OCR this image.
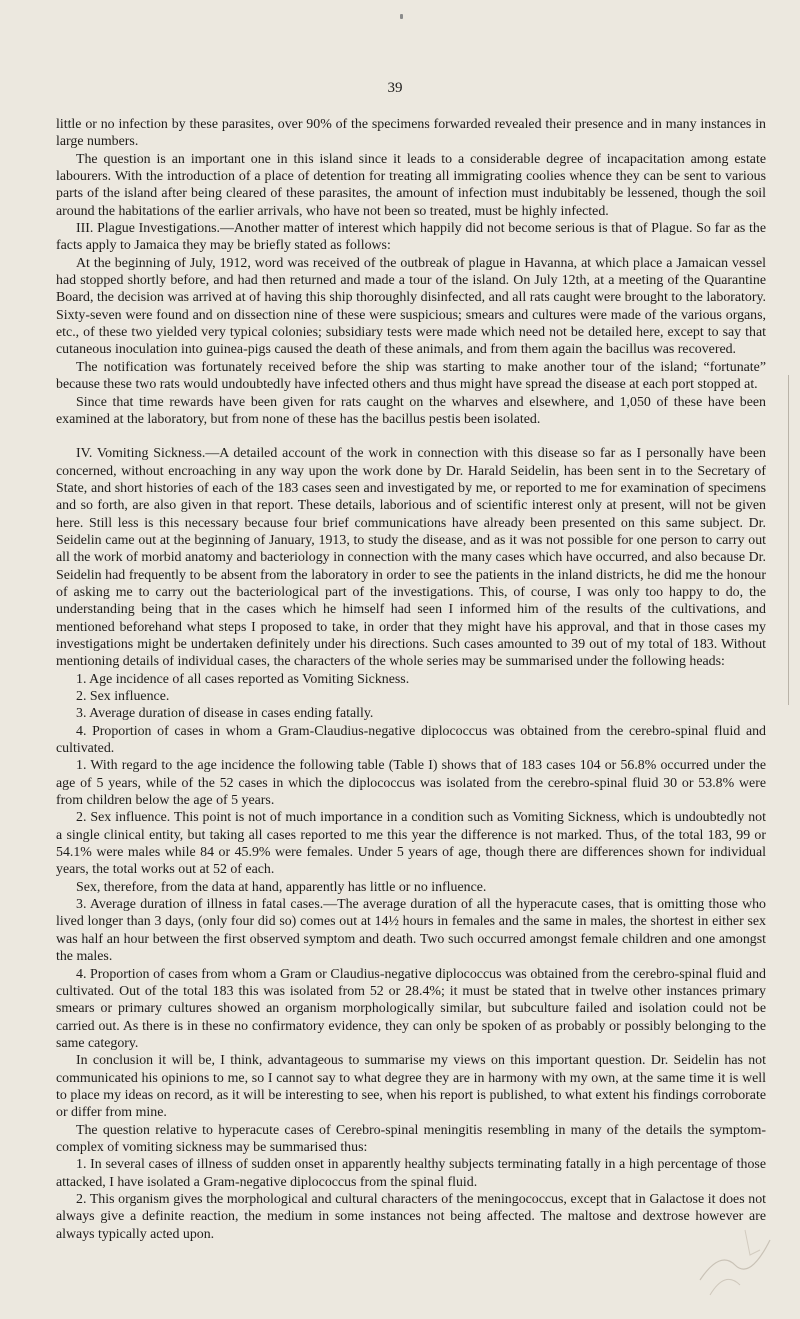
39

little or no infection by these parasites, over 90% of the specimens forwarded revealed their presence and in many instances in large numbers.

The question is an important one in this island since it leads to a considerable degree of incapacitation among estate labourers. With the introduction of a place of detention for treating all immigrating coolies whence they can be sent to various parts of the island after being cleared of these parasites, the amount of infection must indubitably be lessened, though the soil around the habitations of the earlier arrivals, who have not been so treated, must be highly infected.

III. Plague Investigations.—Another matter of interest which happily did not become serious is that of Plague. So far as the facts apply to Jamaica they may be briefly stated as follows:

At the beginning of July, 1912, word was received of the outbreak of plague in Havanna, at which place a Jamaican vessel had stopped shortly before, and had then returned and made a tour of the island. On July 12th, at a meeting of the Quarantine Board, the decision was arrived at of having this ship thoroughly disinfected, and all rats caught were brought to the laboratory. Sixty-seven were found and on dissection nine of these were suspicious; smears and cultures were made of the various organs, etc., of these two yielded very typical colonies; subsidiary tests were made which need not be detailed here, except to say that cutaneous inoculation into guinea-pigs caused the death of these animals, and from them again the bacillus was recovered.

The notification was fortunately received before the ship was starting to make another tour of the island; “fortunate” because these two rats would undoubtedly have infected others and thus might have spread the disease at each port stopped at.

Since that time rewards have been given for rats caught on the wharves and elsewhere, and 1,050 of these have been examined at the laboratory, but from none of these has the bacillus pestis been isolated.

IV. Vomiting Sickness.—A detailed account of the work in connection with this disease so far as I personally have been concerned, without encroaching in any way upon the work done by Dr. Harald Seidelin, has been sent in to the Secretary of State, and short histories of each of the 183 cases seen and investigated by me, or reported to me for examination of specimens and so forth, are also given in that report. These details, laborious and of scientific interest only at present, will not be given here. Still less is this necessary because four brief communications have already been presented on this same subject. Dr. Seidelin came out at the beginning of January, 1913, to study the disease, and as it was not possible for one person to carry out all the work of morbid anatomy and bacteriology in connection with the many cases which have occurred, and also because Dr. Seidelin had frequently to be absent from the laboratory in order to see the patients in the inland districts, he did me the honour of asking me to carry out the bacteriological part of the investigations. This, of course, I was only too happy to do, the understanding being that in the cases which he himself had seen I informed him of the results of the cultivations, and mentioned beforehand what steps I proposed to take, in order that they might have his approval, and that in those cases my investigations might be undertaken definitely under his directions. Such cases amounted to 39 out of my total of 183. Without mentioning details of individual cases, the characters of the whole series may be summarised under the following heads:

1. Age incidence of all cases reported as Vomiting Sickness.

2. Sex influence.

3. Average duration of disease in cases ending fatally.

4. Proportion of cases in whom a Gram-Claudius-negative diplococcus was obtained from the cerebro-spinal fluid and cultivated.

1. With regard to the age incidence the following table (Table I) shows that of 183 cases 104 or 56.8% occurred under the age of 5 years, while of the 52 cases in which the diplococcus was isolated from the cerebro-spinal fluid 30 or 53.8% were from children below the age of 5 years.

2. Sex influence. This point is not of much importance in a condition such as Vomiting Sickness, which is undoubtedly not a single clinical entity, but taking all cases reported to me this year the difference is not marked. Thus, of the total 183, 99 or 54.1% were males while 84 or 45.9% were females. Under 5 years of age, though there are differences shown for individual years, the total works out at 52 of each.

Sex, therefore, from the data at hand, apparently has little or no influence.

3. Average duration of illness in fatal cases.—The average duration of all the hyperacute cases, that is omitting those who lived longer than 3 days, (only four did so) comes out at 14½ hours in females and the same in males, the shortest in either sex was half an hour between the first observed symptom and death. Two such occurred amongst female children and one amongst the males.

4. Proportion of cases from whom a Gram or Claudius-negative diplococcus was obtained from the cerebro-spinal fluid and cultivated. Out of the total 183 this was isolated from 52 or 28.4%; it must be stated that in twelve other instances primary smears or primary cultures showed an organism morphologically similar, but subculture failed and isolation could not be carried out. As there is in these no confirmatory evidence, they can only be spoken of as probably or possibly belonging to the same category.

In conclusion it will be, I think, advantageous to summarise my views on this important question. Dr. Seidelin has not communicated his opinions to me, so I cannot say to what degree they are in harmony with my own, at the same time it is well to place my ideas on record, as it will be interesting to see, when his report is published, to what extent his findings corroborate or differ from mine.

The question relative to hyperacute cases of Cerebro-spinal meningitis resembling in many of the details the symptom-complex of vomiting sickness may be summarised thus:

1. In several cases of illness of sudden onset in apparently healthy subjects terminating fatally in a high percentage of those attacked, I have isolated a Gram-negative diplococcus from the spinal fluid.

2. This organism gives the morphological and cultural characters of the meningococcus, except that in Galactose it does not always give a definite reaction, the medium in some instances not being affected. The maltose and dextrose however are always typically acted upon.
